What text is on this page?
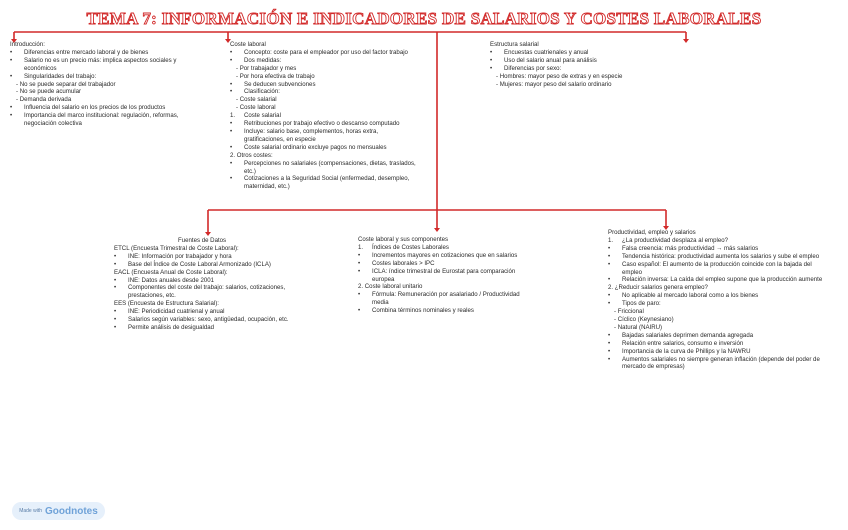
TEMA 7: INFORMACIÓN E INDICADORES DE SALARIOS Y COSTES LABORALES
Introducción:
•	Diferencias entre mercado laboral y de bienes
•	Salario no es un precio más: implica aspectos sociales y económicos
•	Singularidades del trabajo:
- No se puede separar del trabajador
- No se puede acumular
- Demanda derivada
•	Influencia del salario en los precios de los productos
•	Importancia del marco institucional: regulación, reformas, negociación colectiva
Coste laboral
•	Concepto: coste para el empleador por uso del factor trabajo
•	Dos medidas:
- Por trabajador y mes
- Por hora efectiva de trabajo
•	Se deducen subvenciones
•	Clasificación:
- Coste salarial
- Coste laboral
1.	Coste salarial
•	Retribuciones por trabajo efectivo o descanso computado
•	Incluye: salario base, complementos, horas extra, gratificaciones, en especie
•	Coste salarial ordinario excluye pagos no mensuales
2. Otros costes:
•	Percepciones no salariales (compensaciones, dietas, traslados, etc.)
•	Cotizaciones a la Seguridad Social (enfermedad, desempleo, maternidad, etc.)
Estructura salarial
•	Encuestas cuatrienales y anual
•	Uso del salario anual para análisis
•	Diferencias por sexo:
- Hombres: mayor peso de extras y en especie
- Mujeres: mayor peso del salario ordinario
Fuentes de Datos
ETCL (Encuesta Trimestral de Coste Laboral):
•	INE: Información por trabajador y hora
•	Base del Índice de Coste Laboral Armonizado (ICLA)
EACL (Encuesta Anual de Coste Laboral):
•	INE: Datos anuales desde 2001
•	Componentes del coste del trabajo: salarios, cotizaciones, prestaciones, etc.
EES (Encuesta de Estructura Salarial):
•	INE: Periodicidad cuatrienal y anual
•	Salarios según variables: sexo, antigüedad, ocupación, etc.
•	Permite análisis de desigualdad
Coste laboral y sus componentes
1.	Índices de Costes Laborales
•	Incrementos mayores en cotizaciones que en salarios
•	Costes laborales > IPC
•	ICLA: índice trimestral de Eurostat para comparación europea
2. Coste laboral unitario
•	Fórmula: Remuneración por asalariado / Productividad media
•	Combina términos nominales y reales
Productividad, empleo y salarios
1.	¿La productividad desplaza al empleo?
•	Falsa creencia: más productividad → más salarios
•	Tendencia histórica: productividad aumenta los salarios y sube el empleo
•	Caso español: El aumento de la producción coincide con la bajada del empleo
•	Relación inversa: La caída del empleo supone que la producción aumente
2. ¿Reducir salarios genera empleo?
•	No aplicable al mercado laboral como a los bienes
•	Tipos de paro:
- Friccional
- Cíclico (Keynesiano)
- Natural (NAIRU)
•	Bajadas salariales deprimen demanda agregada
•	Relación entre salarios, consumo e inversión
•	Importancia de la curva de Phillips y la NAWRU
•	Aumentos salariales no siempre generan inflación (depende del poder de mercado de empresas)
Made with Goodnotes
